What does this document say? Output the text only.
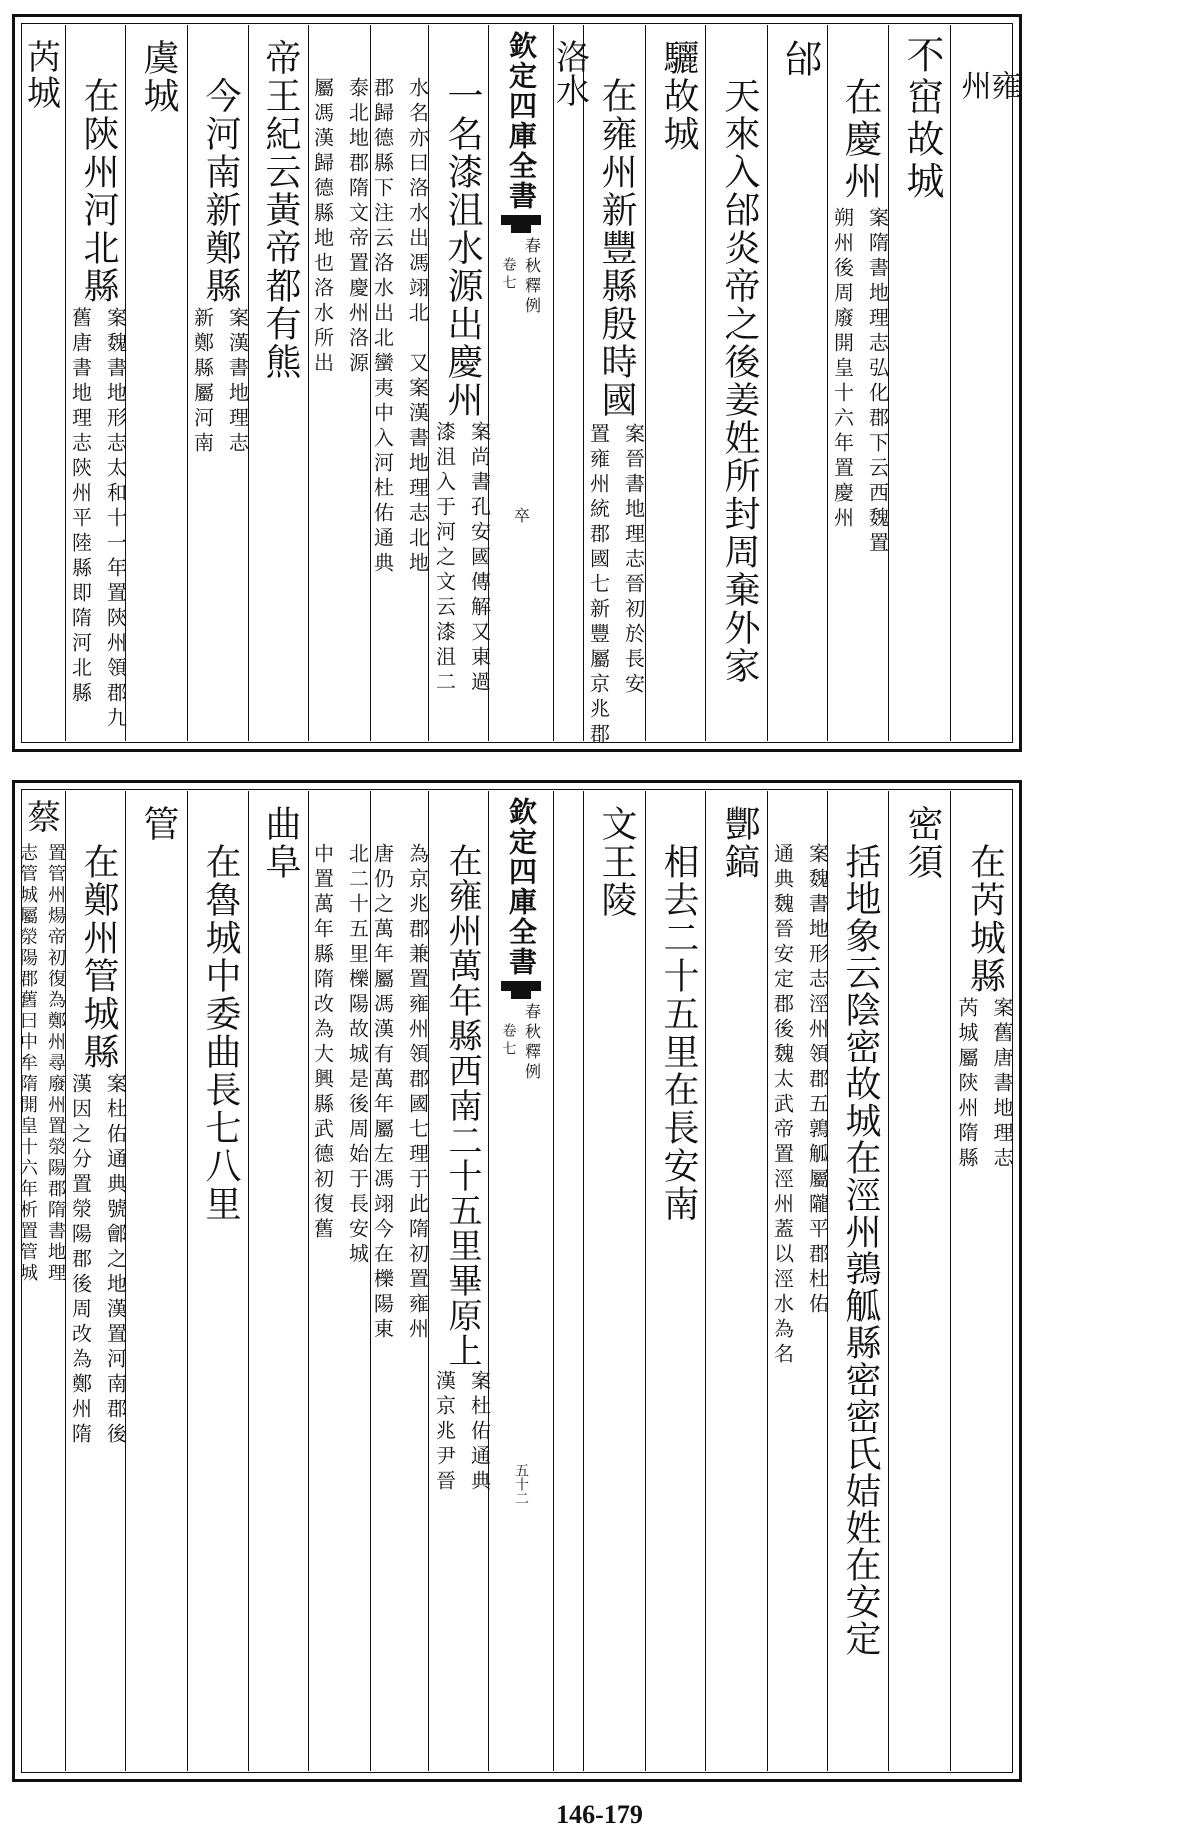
雍州
不窋故城
在慶州
案隋書地理志弘化郡下云西魏置
朔州後周廢開皇十六年置慶州
邰
天來入邰炎帝之後姜姓所封周棄外家
驪故城
在雍州新豐縣殷時國
案晉書地理志晉初於長安
置雍州統郡國七新豐屬京兆郡
洛水
欽定四庫全書
春秋釋例
卷七
卒
一名漆沮水源出慶州
案尚書孔安國傳解又東過
漆沮入于河之文云漆沮二
水名亦曰洛水出馮翊北　又案漢書地理志北地
郡歸德縣下注云洛水出北蠻夷中入河杜佑通典
泰北地郡隋文帝置慶州洛源
屬馮漢歸德縣地也洛水所出
帝王紀云黃帝都有熊
今河南新鄭縣
案漢書地理志
新鄭縣屬河南
虞城
在陝州河北縣
案魏書地形志太和十一年置陝州領郡九
舊唐書地理志陝州平陸縣即隋河北縣
芮城
在芮城縣
案舊唐書地理志
芮城屬陝州隋縣
密須
括地象云陰密故城在涇州鶉觚縣密密氏姞姓在安定
案魏書地形志涇州領郡五鶉觚屬隴平郡杜佑
通典魏晉安定郡後魏太武帝置涇州蓋以涇水為名
酆鎬
相去二十五里在長安南
文王陵
欽定四庫全書
春秋釋例
卷七
五十二
在雍州萬年縣西南二十五里畢原上
案杜佑通典
漢京兆尹晉
為京兆郡兼置雍州領郡國七理于此隋初置雍州
唐仍之萬年屬馮漢有萬年屬左馮翊今在櫟陽東
北二十五里櫟陽故城是後周始于長安城
中置萬年縣隋改為大興縣武德初復舊
曲阜
在魯城中委曲長七八里
管
在鄭州管城縣
案杜佑通典號鄶之地漢置河南郡後
漢因之分置滎陽郡後周改為鄭州隋
置管州煬帝初復為鄭州尋廢州置滎陽郡隋書地理
志管城屬滎陽郡舊曰中牟隋開皇十六年析置管城
蔡
146-179
